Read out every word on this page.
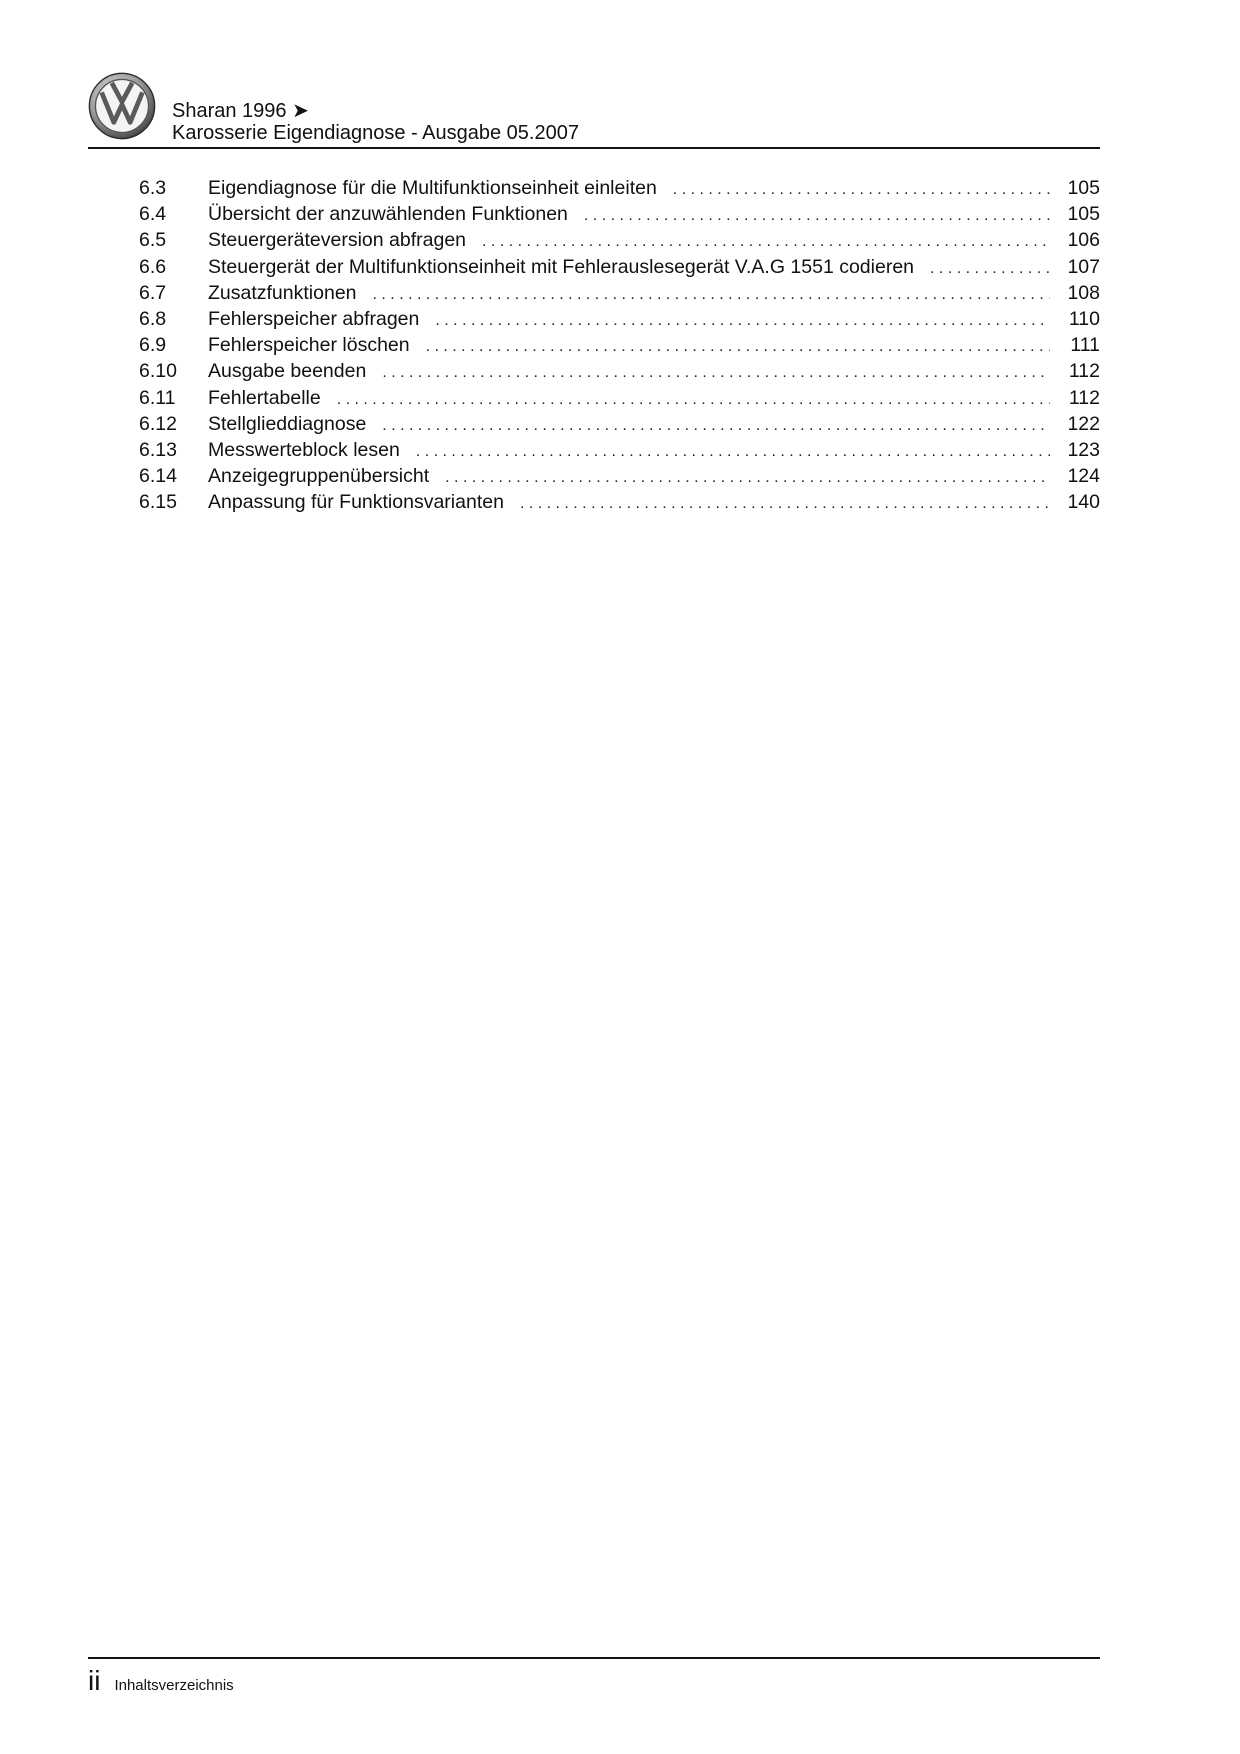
Sharan 1996 ➤
Karosserie Eigendiagnose - Ausgabe 05.2007
6.3	Eigendiagnose für die Multifunktionseinheit einleiten . . .	105
6.4	Übersicht der anzuwählenden Funktionen . . .	105
6.5	Steuergeräteversion abfragen . . .	106
6.6	Steuergerät der Multifunktionseinheit mit Fehlerauslesegerät V.A.G 1551 codieren . . .	107
6.7	Zusatzfunktionen . . .	108
6.8	Fehlerspeicher abfragen . . .	110
6.9	Fehlerspeicher löschen . . .	111
6.10	Ausgabe beenden . . .	112
6.11	Fehlertabelle . . .	112
6.12	Stellglieddiagnose . . .	122
6.13	Messwerteblock lesen . . .	123
6.14	Anzeigegruppenübersicht . . .	124
6.15	Anpassung für Funktionsvarianten . . .	140
ii Inhaltsverzeichnis
